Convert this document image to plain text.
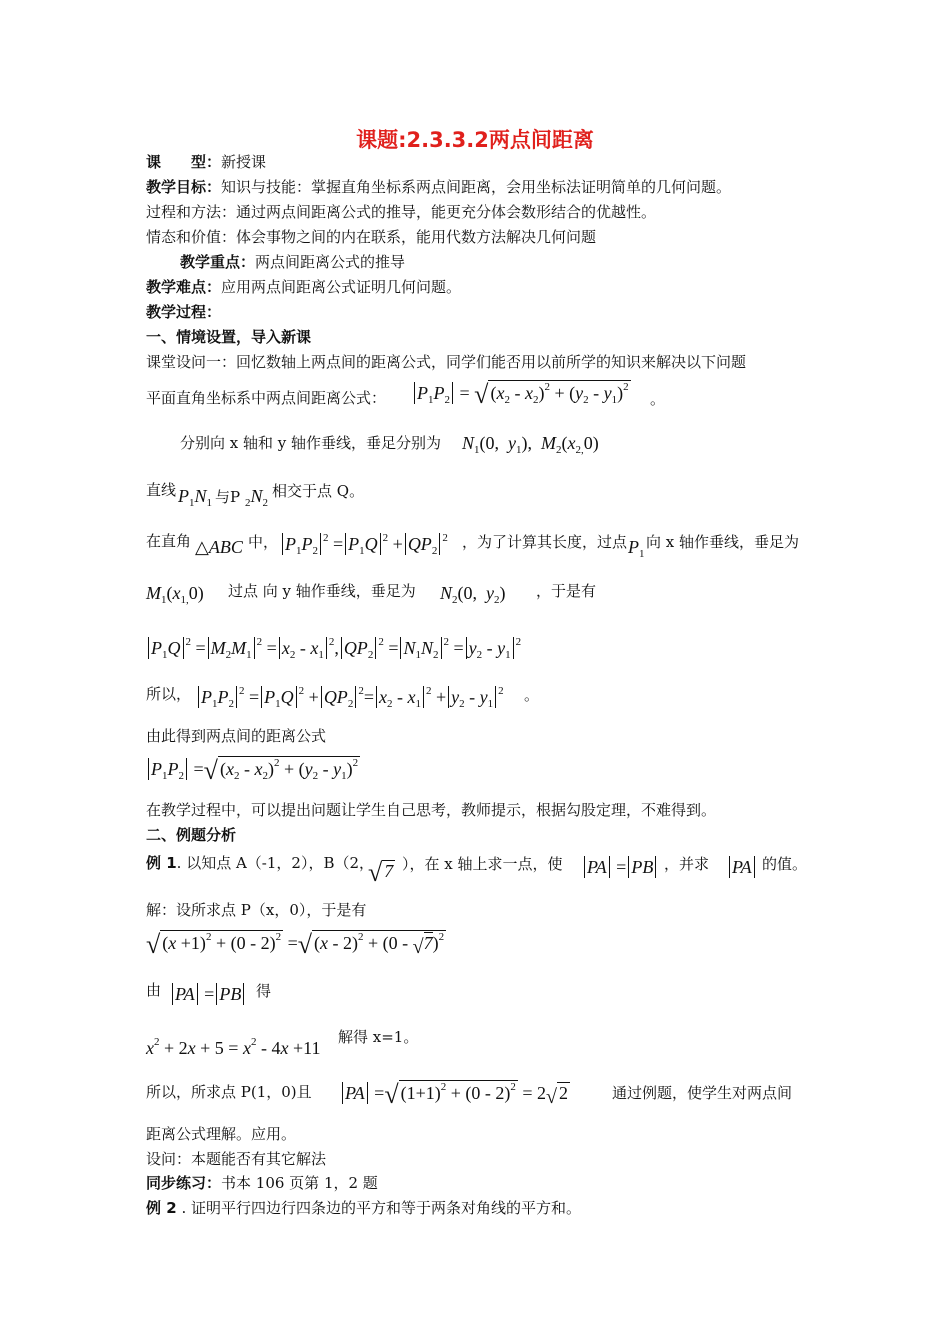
课题:2.3.3.2两点间距离
课　　型：新授课
教学目标：知识与技能：掌握直角坐标系两点间距离，会用坐标法证明简单的几何问题。
过程和方法：通过两点间距离公式的推导，能更充分体会数形结合的优越性。
情态和价值：体会事物之间的内在联系，能用代数方法解决几何问题
教学重点：两点间距离公式的推导
教学难点：应用两点间距离公式证明几何问题。
教学过程：
一、情境设置，导入新课
课堂设问一：回忆数轴上两点间的距离公式，同学们能否用以前所学的知识来解决以下问题
平面直角坐标系中两点间距离公式： $P_1P_2$ = √ $(x_2 - x_2)^2 + (y_2 - y_1)^2$
。
分别向 x 轴和 y 轴作垂线，垂足分别为 $N_1(0$,  $y_1$),  $M_2(x_{2,}0)$
直线 $P_1N_1$ 与P $_2N_2$
相交于点 Q。
在直角 △ABC 中， $P_1P_2^2 = P_1Q$ $^2 + QP_2^2$ ，为了计算其长度，过点 $P_1$
向 x 轴作垂线，垂足为
$M_1(x_{1,}0)$ 过点 向 y 轴作垂线，垂足为 $N_2(0$,  $y_2$) ，于是有
$P_1Q$ $^2 = M_2M_1^2 = x_2 - x_1^2$, $QP_2^2 = N_1N_2^2 = y_2 - y_1^2$
所以， $P_1P_2^2 = P_1Q$ $^2 + QP_2^2= x_2 - x_1^2 + y_2 - y_1^2$ 。
由此得到两点间的距离公式
$P_1P_2$ =√ $(x_2 - x_2)^2 + (y_2 - y_1)^2$
在教学过程中，可以提出问题让学生自己思考，教师提示，根据勾股定理，不难得到。
二、例题分析
例 1. 以知点 A（-1，2），B（2，
√ 7 ），在 x 轴上求一点，使 PA = PB ，并求 PA 的值。
解：设所求点 P（x，0），于是有
√ $(x +1)^2 + (0 - 2)^2$ =√ (x - 2)$^2$ + (0 - √7)$^2$
由 PA = PB 得
$x^2 + 2x + 5 = x^2 - 4x +11$
解得 x=1。
所以，所求点 P(1，0)且 PA =√ $(1+1)^2 + (0 - 2)^2 = 2√$ 2	通过例题，使学生对两点间
距离公式理解。应用。
设问：本题能否有其它解法
同步练习：书本 106 页第 1，2 题
例 2 . 证明平行四边行四条边的平方和等于两条对角线的平方和。
